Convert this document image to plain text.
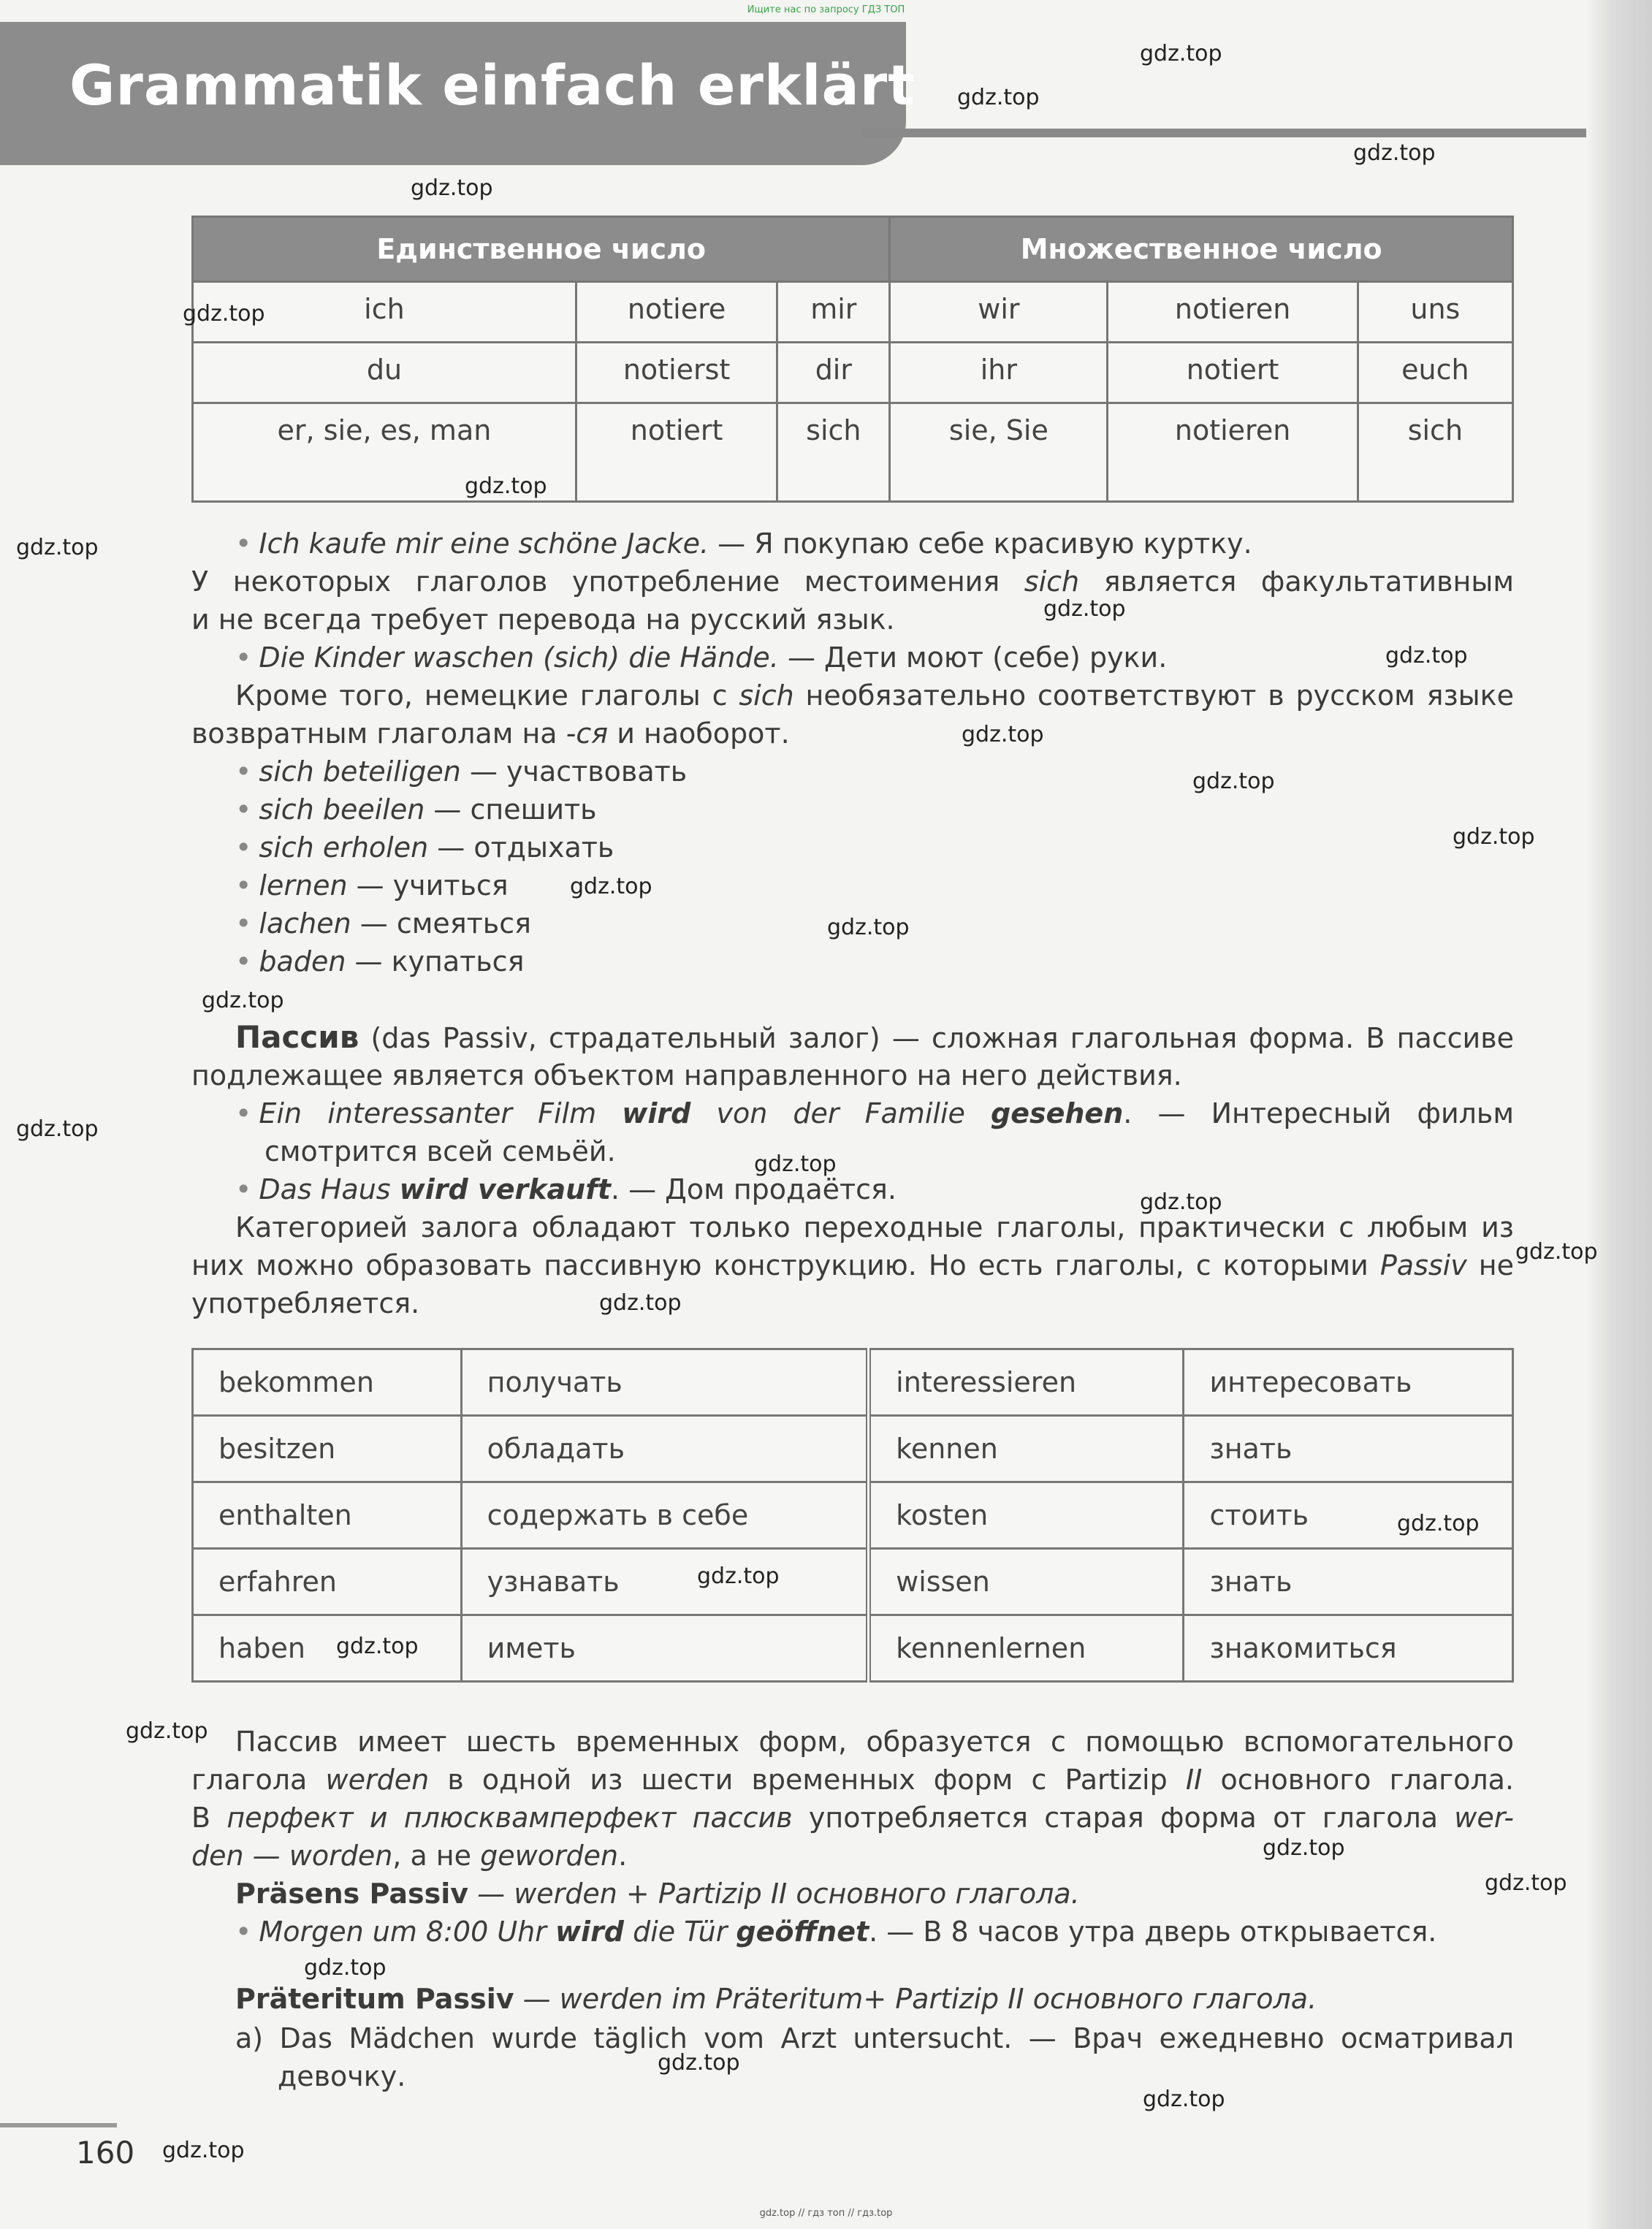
Ищите нас по запросу ГДЗ ТОП
Grammatik einfach erklärt
Единственное число			Множественное число		
ich	notiere	mir	wir	notieren	uns
du	notierst	dir	ihr	notiert	euch
er, sie, es, man	notiert	sich	sie, Sie	notieren	sich
• Ich kaufe mir eine schöne Jacke. — Я покупаю себе красивую куртку.
У некоторых глаголов употребление местоимения sich является факультативным
и не всегда требует перевода на русский язык.
• Die Kinder waschen (sich) die Hände. — Дети моют (себе) руки.
Кроме того, немецкие глаголы с sich необязательно соответствуют в русском языке
возвратным глаголам на -ся и наоборот.
• sich beteiligen — участвовать
• sich beeilen — спешить
• sich erholen — отдыхать
• lernen — учиться
• lachen — смеяться
• baden — купаться
Пассив (das Passiv, страдательный залог) — сложная глагольная форма. В пассиве
подлежащее является объектом направленного на него действия.
• Ein interessanter Film wird von der Familie gesehen. — Интересный фильм
смотрится всей семьёй.
• Das Haus wird verkauft. — Дом продаётся.
Категорией залога обладают только переходные глаголы, практически с любым из
них можно образовать пассивную конструкцию. Но есть глаголы, с которыми Passiv не
употребляется.
bekommen	получать	interessieren	интересовать
besitzen	обладать	kennen	знать
enthalten	содержать в себе	kosten	стоить
erfahren	узнавать	wissen	знать
haben	иметь	kennenlernen	знакомиться
Пассив имеет шесть временных форм, образуется с помощью вспомогательного
глагола werden в одной из шести временных форм с Partizip II основного глагола.
В перфект и плюсквамперфект пассив употребляется старая форма от глагола wer-
den — worden, а не geworden.
Präsens Passiv — werden + Partizip II основного глагола.
• Morgen um 8:00 Uhr wird die Tür geöffnet. — В 8 часов утра дверь открывается.
Präteritum Passiv — werden im Präteritum+ Partizip II основного глагола.
a) Das Mädchen wurde täglich vom Arzt untersucht. — Врач ежедневно осматривал
девочку.
160
gdz.top // гдз топ // гдз.top
gdz.top
gdz.top
gdz.top
gdz.top
gdz.top
gdz.top
gdz.top
gdz.top
gdz.top
gdz.top
gdz.top
gdz.top
gdz.top
gdz.top
gdz.top
gdz.top
gdz.top
gdz.top
gdz.top
gdz.top
gdz.top
gdz.top
gdz.top
gdz.top
gdz.top
gdz.top
gdz.top
gdz.top
gdz.top
gdz.top
